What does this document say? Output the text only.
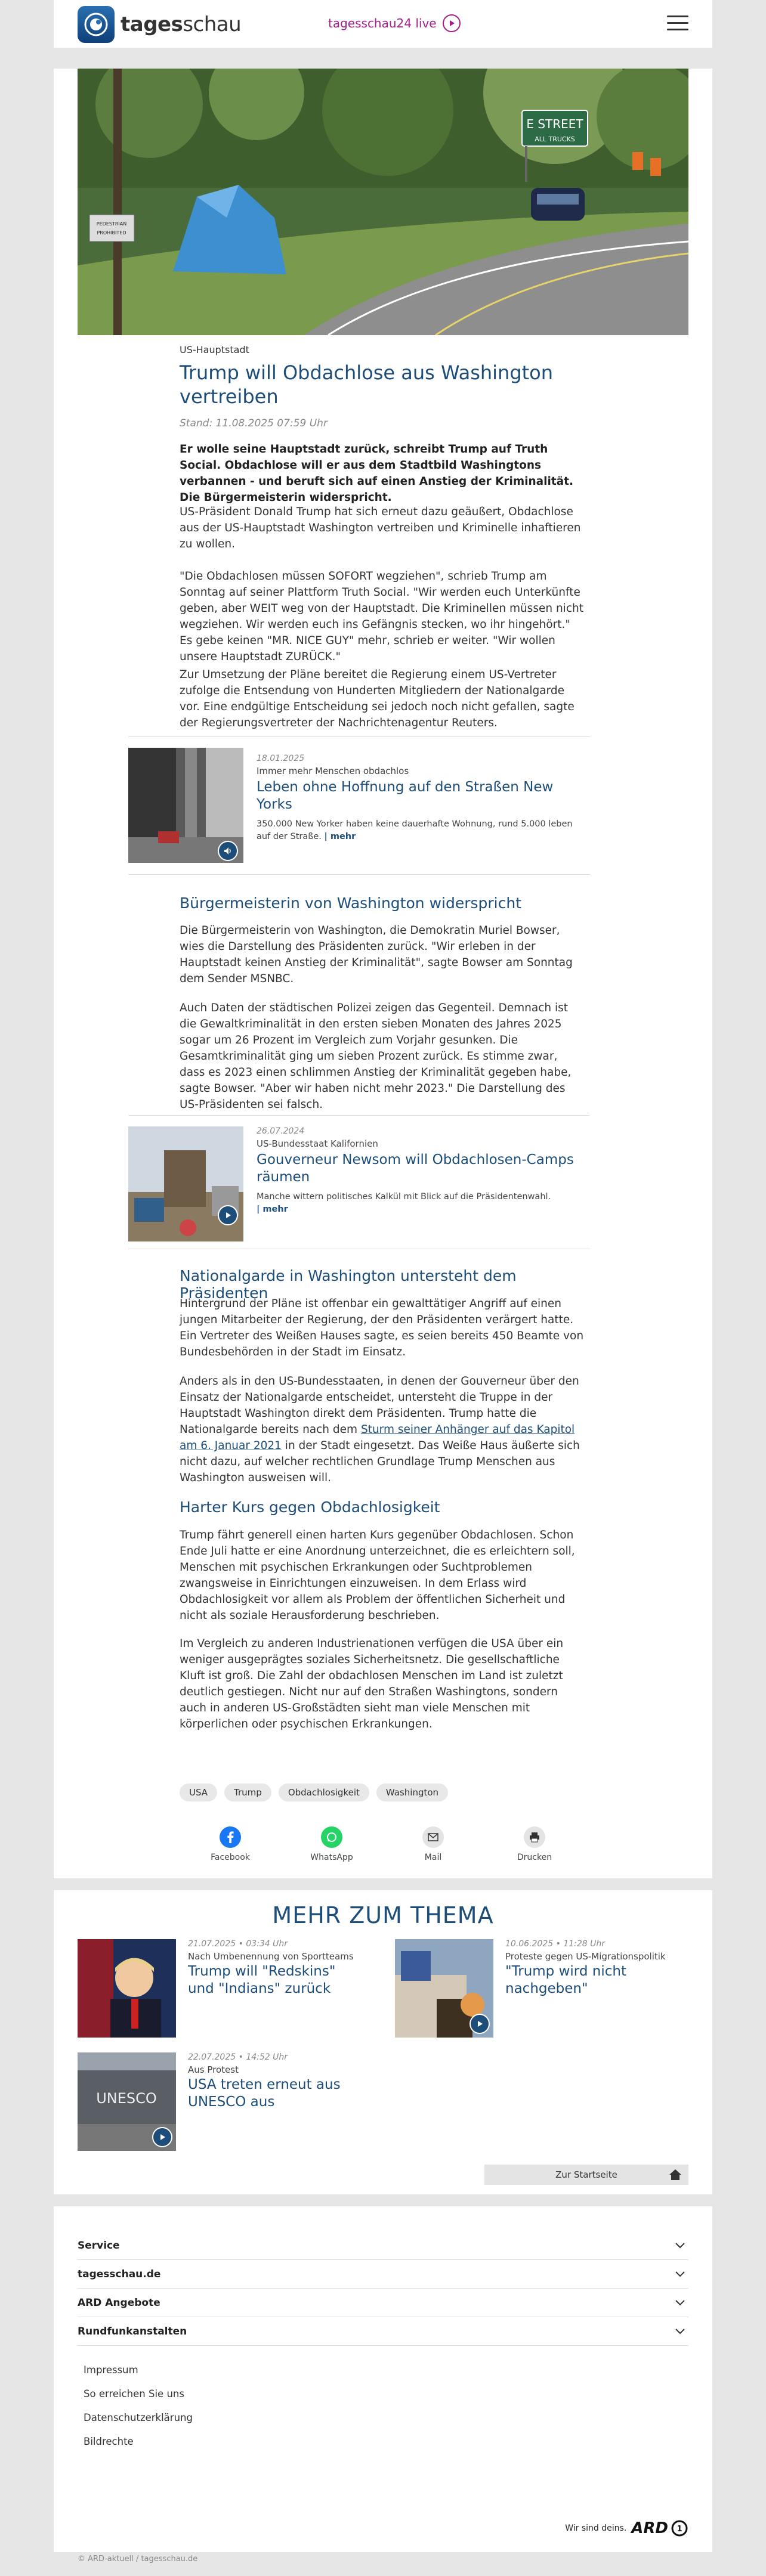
tagesschau	tagesschau24 live
PEDESTRIAN
PROHIBITED
E STREET
ALL TRUCKS
US-Hauptstadt
Trump will Obdachlose aus Washington vertreiben
Stand: 11.08.2025 07:59 Uhr

Er wolle seine Hauptstadt zurück, schreibt Trump auf Truth Social. Obdachlose will er aus dem Stadtbild Washingtons verbannen - und beruft sich auf einen Anstieg der Kriminalität. Die Bürgermeisterin widerspricht.

US-Präsident Donald Trump hat sich erneut dazu geäußert, Obdachlose aus der US-Hauptstadt Washington vertreiben und Kriminelle inhaftieren zu wollen.

"Die Obdachlosen müssen SOFORT wegziehen", schrieb Trump am Sonntag auf seiner Plattform Truth Social. "Wir werden euch Unterkünfte geben, aber WEIT weg von der Hauptstadt. Die Kriminellen müssen nicht wegziehen. Wir werden euch ins Gefängnis stecken, wo ihr hingehört." Es gebe keinen "MR. NICE GUY" mehr, schrieb er weiter. "Wir wollen unsere Hauptstadt ZURÜCK."

Zur Umsetzung der Pläne bereitet die Regierung einem US-Vertreter zufolge die Entsendung von Hunderten Mitgliedern der Nationalgarde vor. Eine endgültige Entscheidung sei jedoch noch nicht gefallen, sagte der Regierungsvertreter der Nachrichtenagentur Reuters.

18.01.2025
Immer mehr Menschen obdachlos
Leben ohne Hoffnung auf den Straßen New Yorks
350.000 New Yorker haben keine dauerhafte Wohnung, rund 5.000 leben auf der Straße. | mehr
Bürgermeisterin von Washington widerspricht

Die Bürgermeisterin von Washington, die Demokratin Muriel Bowser, wies die Darstellung des Präsidenten zurück. "Wir erleben in der Hauptstadt keinen Anstieg der Kriminalität", sagte Bowser am Sonntag dem Sender MSNBC.

Auch Daten der städtischen Polizei zeigen das Gegenteil. Demnach ist die Gewaltkriminalität in den ersten sieben Monaten des Jahres 2025 sogar um 26 Prozent im Vergleich zum Vorjahr gesunken. Die Gesamtkriminalität ging um sieben Prozent zurück. Es stimme zwar, dass es 2023 einen schlimmen Anstieg der Kriminalität gegeben habe, sagte Bowser. "Aber wir haben nicht mehr 2023." Die Darstellung des US-Präsidenten sei falsch.

26.07.2024
US-Bundesstaat Kalifornien
Gouverneur Newsom will Obdachlosen-Camps räumen
Manche wittern politisches Kalkül mit Blick auf die Präsidentenwahl.
| mehr
Nationalgarde in Washington untersteht dem Präsidenten

Hintergrund der Pläne ist offenbar ein gewalttätiger Angriff auf einen jungen Mitarbeiter der Regierung, der den Präsidenten verärgert hatte. Ein Vertreter des Weißen Hauses sagte, es seien bereits 450 Beamte von Bundesbehörden in der Stadt im Einsatz.

Anders als in den US-Bundesstaaten, in denen der Gouverneur über den Einsatz der Nationalgarde entscheidet, untersteht die Truppe in der Hauptstadt Washington direkt dem Präsidenten. Trump hatte die Nationalgarde bereits nach dem Sturm seiner Anhänger auf das Kapitol am 6. Januar 2021 in der Stadt eingesetzt. Das Weiße Haus äußerte sich nicht dazu, auf welcher rechtlichen Grundlage Trump Menschen aus Washington ausweisen will.

Harter Kurs gegen Obdachlosigkeit

Trump fährt generell einen harten Kurs gegenüber Obdachlosen. Schon Ende Juli hatte er eine Anordnung unterzeichnet, die es erleichtern soll, Menschen mit psychischen Erkrankungen oder Suchtproblemen zwangsweise in Einrichtungen einzuweisen. In dem Erlass wird Obdachlosigkeit vor allem als Problem der öffentlichen Sicherheit und nicht als soziale Herausforderung beschrieben.

Im Vergleich zu anderen Industrienationen verfügen die USA über ein weniger ausgeprägtes soziales Sicherheitsnetz. Die gesellschaftliche Kluft ist groß. Die Zahl der obdachlosen Menschen im Land ist zuletzt deutlich gestiegen. Nicht nur auf den Straßen Washingtons, sondern auch in anderen US-Großstädten sieht man viele Menschen mit körperlichen oder psychischen Erkrankungen.

USA	Trump	Obdachlosigkeit	Washington
Facebook	WhatsApp	Mail	Drucken
MEHR ZUM THEMA
21.07.2025 • 03:34 Uhr
Nach Umbenennung von Sportteams
Trump will "Redskins" und "Indians" zurück
10.06.2025 • 11:28 Uhr
Proteste gegen US-Migrationspolitik
"Trump wird nicht nachgeben"
UNESCO
22.07.2025 • 14:52 Uhr
Aus Protest
USA treten erneut aus UNESCO aus
Zur Startseite
Service
tagesschau.de
ARD Angebote
Rundfunkanstalten
Impressum
So erreichen Sie uns
Datenschutzerklärung
Bildrechte
Wir sind deins. ARD 1
© ARD-aktuell / tagesschau.de
